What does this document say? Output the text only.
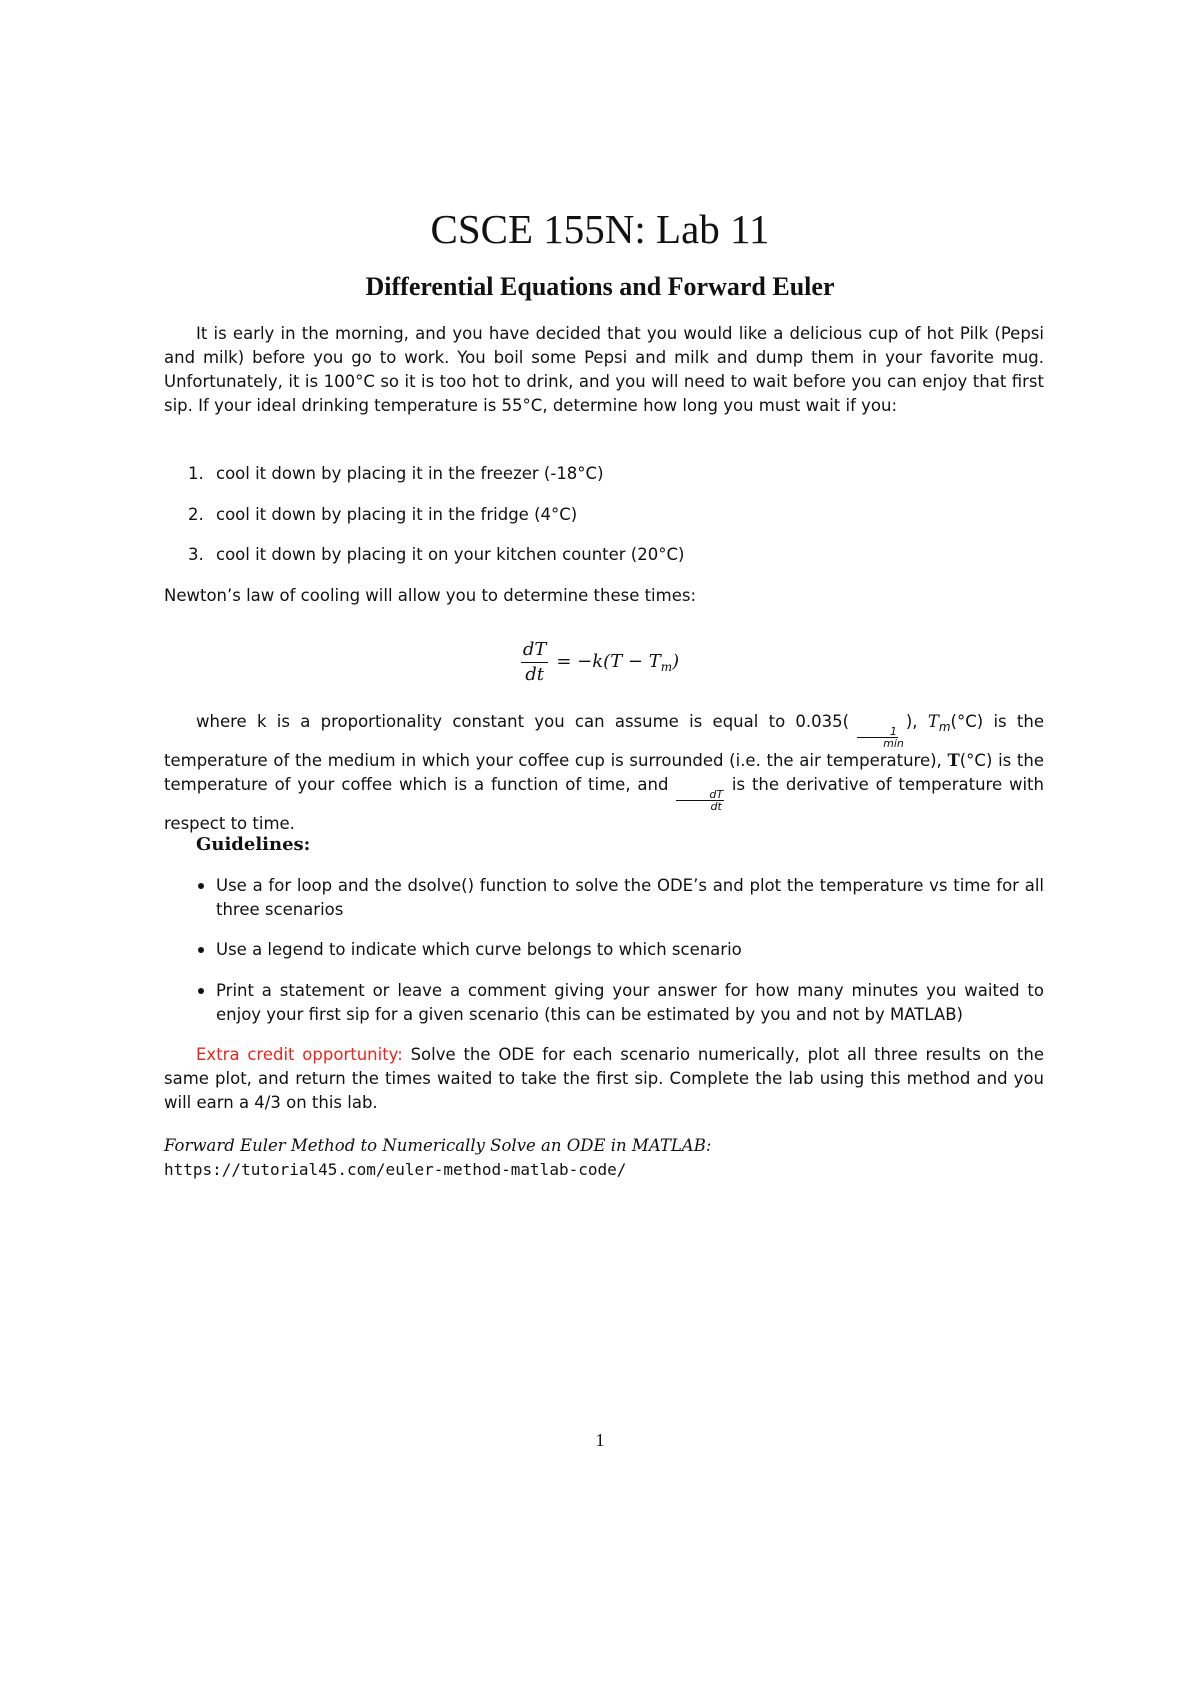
CSCE 155N: Lab 11
Differential Equations and Forward Euler

It is early in the morning, and you have decided that you would like a delicious cup of hot Pilk (Pepsi and milk) before you go to work. You boil some Pepsi and milk and dump them in your favorite mug. Unfortunately, it is 100°C so it is too hot to drink, and you will need to wait before you can enjoy that first sip. If your ideal drinking temperature is 55°C, determine how long you must wait if you:

1. cool it down by placing it in the freezer (-18°C)
2. cool it down by placing it in the fridge (4°C)
3. cool it down by placing it on your kitchen counter (20°C)

Newton’s law of cooling will allow you to determine these times:

$\frac{dT}{dt} = -k(T - T_m)$

where k is a proportionality constant you can assume is equal to 0.035(
$\frac{1}{\min}$
), $T_m(^\circ C)$ is the temperature of the medium in which your coffee cup is surrounded (i.e. the air temperature), T(°C) is the temperature of your coffee which is a function of time, and
$\frac{dT}{dt}$
is the derivative of temperature with respect to time.

Guidelines:
Use a for loop and the dsolve() function to solve the ODE’s and plot the temperature vs time for all three scenarios
Use a legend to indicate which curve belongs to which scenario
Print a statement or leave a comment giving your answer for how many minutes you waited to enjoy your first sip for a given scenario (this can be estimated by you and not by MATLAB)

Extra credit opportunity: Solve the ODE for each scenario numerically, plot all three results on the same plot, and return the times waited to take the first sip. Complete the lab using this method and you will earn a 4/3 on this lab.

Forward Euler Method to Numerically Solve an ODE in MATLAB:

https://tutorial45.com/euler-method-matlab-code/

1
